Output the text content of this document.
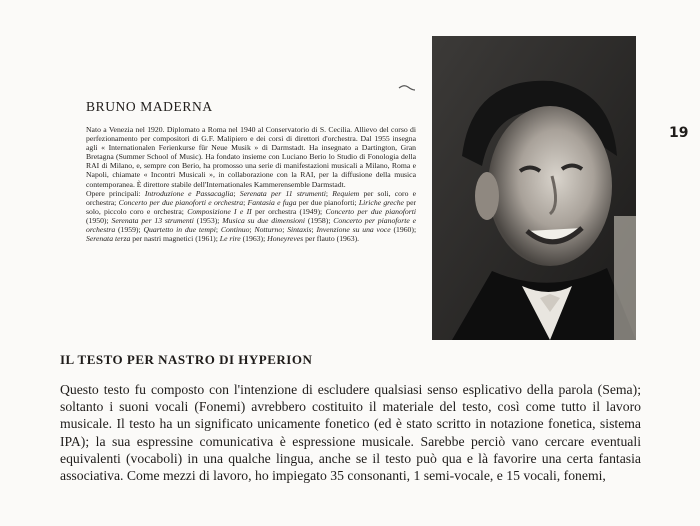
BRUNO MADERNA

Nato a Venezia nel 1920. Diplomato a Roma nel 1940 al Conservatorio di S. Cecilia. Allievo del corso di perfezionamento per compositori di G.F. Malipiero e dei corsi di direttori d'orchestra. Dal 1955 insegna agli « Internationalen Ferienkurse für Neue Musik » di Darmstadt. Ha insegnato a Dartington, Gran Bretagna (Summer School of Music). Ha fondato insieme con Luciano Berio lo Studio di Fonologia della RAI di Milano, e, sempre con Berio, ha promosso una serie di manifestazioni musicali a Milano, Roma e Napoli, chiamate « Incontri Musicali », in collaborazione con la RAI, per la diffusione della musica contemporanea. È direttore stabile dell'Internationales Kammerensemble Darmstadt.

Opere principali: Introduzione e Passacaglia; Serenata per 11 strumenti; Requiem per soli, coro e orchestra; Concerto per due pianoforti e orchestra; Fantasia e fuga per due pianoforti; Liriche greche per solo, piccolo coro e orchestra; Composizione I e II per orchestra (1949); Concerto per due pianoforti (1950); Serenata per 13 strumenti (1953); Musica su due dimensioni (1958); Concerto per pianoforte e orchestra (1959); Quartetto in due tempi; Continuo; Notturno; Sintaxis; Invenzione su una voce (1960); Serenata terza per nastri magnetici (1961); Le rire (1963); Honeyreves per flauto (1963).

19
IL TESTO PER NASTRO DI HYPERION

Questo testo fu composto con l'intenzione di escludere qualsiasi senso esplicativo della parola (Sema); soltanto i suoni vocali (Fonemi) avrebbero costituito il materiale del testo, così come tutto il lavoro musicale. Il testo ha un significato unicamente fonetico (ed è stato scritto in notazione fonetica, sistema IPA); la sua espressine comunicativa è espressione musicale. Sarebbe perciò vano cercare eventuali equivalenti (vocaboli) in una qualche lingua, anche se il testo può qua e là favorire una certa fantasia associativa. Come mezzi di lavoro, ho impiegato 35 consonanti, 1 semi-vocale, e 15 vocali, fonemi,
